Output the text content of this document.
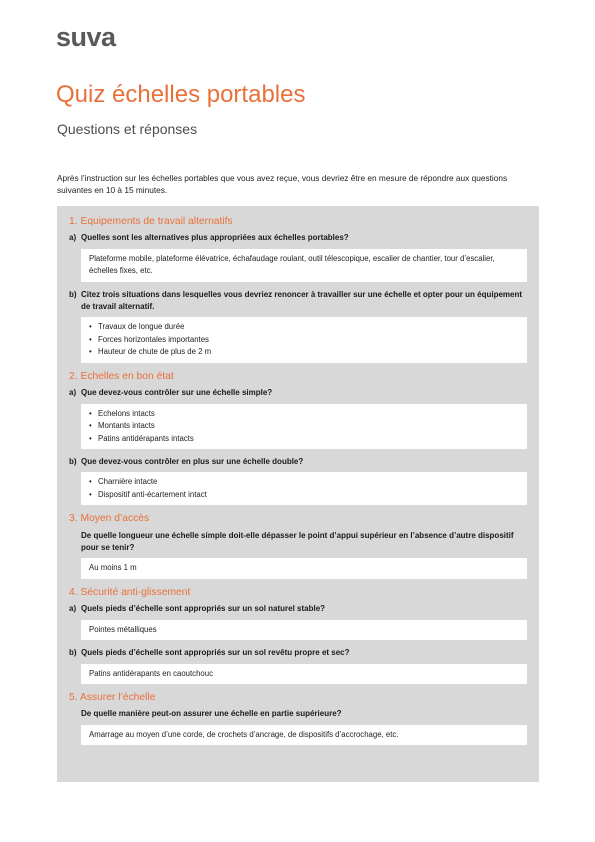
suva
Quiz échelles portables
Questions et réponses
Après l’instruction sur les échelles portables que vous avez reçue, vous devriez être en mesure de répondre aux questions suivantes en 10 à 15 minutes.
1. Equipements de travail alternatifs
a) Quelles sont les alternatives plus appropriées aux échelles portables?
Plateforme mobile, plateforme élévatrice, échafaudage roulant, outil télescopique, escalier de chantier, tour d’escalier, échelles fixes, etc.
b) Citez trois situations dans lesquelles vous devriez renoncer à travailler sur une échelle et opter pour un équipement de travail alternatif.
• Travaux de longue durée
• Forces horizontales importantes
• Hauteur de chute de plus de 2 m
2. Echelles en bon état
a) Que devez-vous contrôler sur une échelle simple?
• Echelons intacts
• Montants intacts
• Patins antidérapants intacts
b) Que devez-vous contrôler en plus sur une échelle double?
• Charnière intacte
• Dispositif anti-écartement intact
3. Moyen d’accès
De quelle longueur une échelle simple doit-elle dépasser le point d’appui supérieur en l’absence d’autre dispositif pour se tenir?
Au moins 1 m
4. Sécurité anti-glissement
a) Quels pieds d’échelle sont appropriés sur un sol naturel stable?
Pointes métalliques
b) Quels pieds d’échelle sont appropriés sur un sol revêtu propre et sec?
Patins antidérapants en caoutchouc
5. Assurer l’échelle
De quelle manière peut-on assurer une échelle en partie supérieure?
Amarrage au moyen d’une corde, de crochets d’ancrage, de dispositifs d’accrochage, etc.
